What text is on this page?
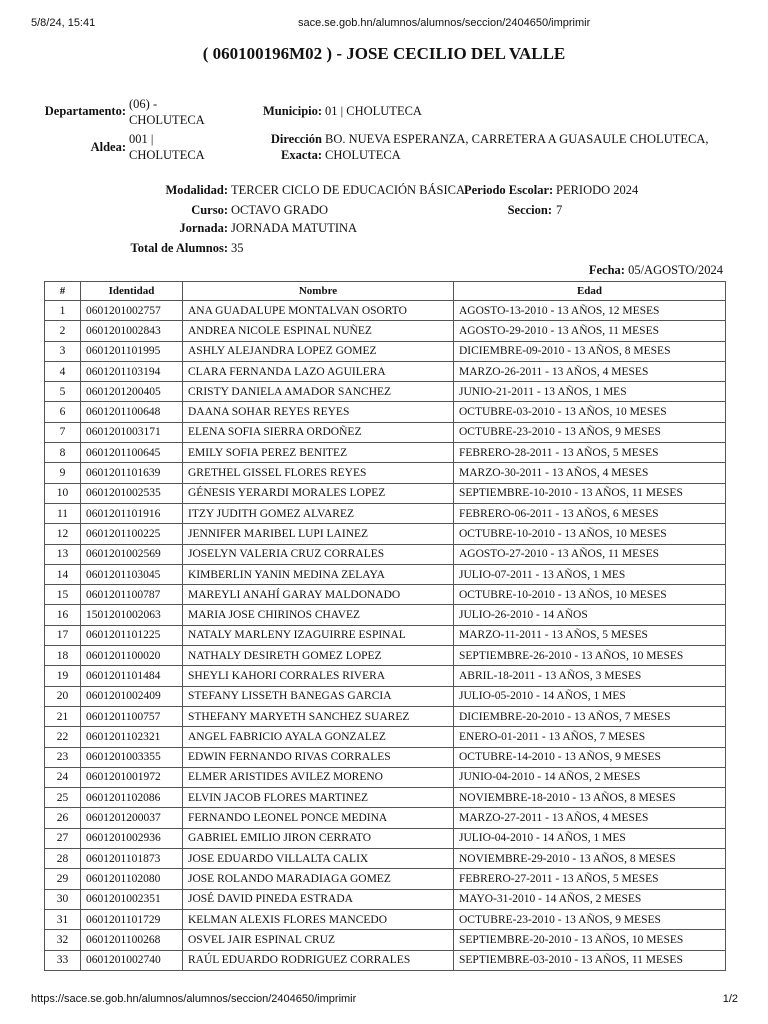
5/8/24, 15:41	sace.se.gob.hn/alumnos/alumnos/seccion/2404650/imprimir
( 060100196M02 ) - JOSE CECILIO DEL VALLE
Departamento: (06) - CHOLUTECA
Municipio: 01 | CHOLUTECA
Aldea:
001 | CHOLUTECA
Dirección
Exacta:
BO. NUEVA ESPERANZA, CARRETERA A GUASAULE CHOLUTECA,
CHOLUTECA
Modalidad: TERCER CICLO DE EDUCACIÓN BÁSICA
Periodo Escolar: PERIODO 2024
Curso: OCTAVO GRADO	Seccion: 7
Jornada: JORNADA MATUTINA
Total de Alumnos: 35
Fecha: 05/AGOSTO/2024
#	Identidad	Nombre	Edad
1	0601201002757	ANA GUADALUPE MONTALVAN OSORTO	AGOSTO-13-2010 - 13 AÑOS, 12 MESES
2	0601201002843	ANDREA NICOLE ESPINAL NUÑEZ	AGOSTO-29-2010 - 13 AÑOS, 11 MESES
3	0601201101995	ASHLY ALEJANDRA LOPEZ GOMEZ	DICIEMBRE-09-2010 - 13 AÑOS, 8 MESES
4	0601201103194	CLARA FERNANDA LAZO AGUILERA	MARZO-26-2011 - 13 AÑOS, 4 MESES
5	0601201200405	CRISTY DANIELA AMADOR SANCHEZ	JUNIO-21-2011 - 13 AÑOS, 1 MES
6	0601201100648	DAANA SOHAR REYES REYES	OCTUBRE-03-2010 - 13 AÑOS, 10 MESES
7	0601201003171	ELENA SOFIA SIERRA ORDOÑEZ	OCTUBRE-23-2010 - 13 AÑOS, 9 MESES
8	0601201100645	EMILY SOFIA PEREZ BENITEZ	FEBRERO-28-2011 - 13 AÑOS, 5 MESES
9	0601201101639	GRETHEL GISSEL FLORES REYES	MARZO-30-2011 - 13 AÑOS, 4 MESES
10	0601201002535	GÉNESIS YERARDI MORALES LOPEZ	SEPTIEMBRE-10-2010 - 13 AÑOS, 11 MESES
11	0601201101916	ITZY JUDITH GOMEZ ALVAREZ	FEBRERO-06-2011 - 13 AÑOS, 6 MESES
12	0601201100225	JENNIFER MARIBEL LUPI LAINEZ	OCTUBRE-10-2010 - 13 AÑOS, 10 MESES
13	0601201002569	JOSELYN VALERIA CRUZ CORRALES	AGOSTO-27-2010 - 13 AÑOS, 11 MESES
14	0601201103045	KIMBERLIN YANIN MEDINA ZELAYA	JULIO-07-2011 - 13 AÑOS, 1 MES
15	0601201100787	MAREYLI ANAHÍ GARAY MALDONADO	OCTUBRE-10-2010 - 13 AÑOS, 10 MESES
16	1501201002063	MARIA JOSE CHIRINOS CHAVEZ	JULIO-26-2010 - 14 AÑOS
17	0601201101225	NATALY MARLENY IZAGUIRRE ESPINAL	MARZO-11-2011 - 13 AÑOS, 5 MESES
18	0601201100020	NATHALY DESIRETH GOMEZ LOPEZ	SEPTIEMBRE-26-2010 - 13 AÑOS, 10 MESES
19	0601201101484	SHEYLI KAHORI CORRALES RIVERA	ABRIL-18-2011 - 13 AÑOS, 3 MESES
20	0601201002409	STEFANY LISSETH BANEGAS GARCIA	JULIO-05-2010 - 14 AÑOS, 1 MES
21	0601201100757	STHEFANY MARYETH SANCHEZ SUAREZ	DICIEMBRE-20-2010 - 13 AÑOS, 7 MESES
22	0601201102321	ANGEL FABRICIO AYALA GONZALEZ	ENERO-01-2011 - 13 AÑOS, 7 MESES
23	0601201003355	EDWIN FERNANDO RIVAS CORRALES	OCTUBRE-14-2010 - 13 AÑOS, 9 MESES
24	0601201001972	ELMER ARISTIDES AVILEZ MORENO	JUNIO-04-2010 - 14 AÑOS, 2 MESES
25	0601201102086	ELVIN JACOB FLORES MARTINEZ	NOVIEMBRE-18-2010 - 13 AÑOS, 8 MESES
26	0601201200037	FERNANDO LEONEL PONCE MEDINA	MARZO-27-2011 - 13 AÑOS, 4 MESES
27	0601201002936	GABRIEL EMILIO JIRON CERRATO	JULIO-04-2010 - 14 AÑOS, 1 MES
28	0601201101873	JOSE EDUARDO VILLALTA CALIX	NOVIEMBRE-29-2010 - 13 AÑOS, 8 MESES
29	0601201102080	JOSE ROLANDO MARADIAGA GOMEZ	FEBRERO-27-2011 - 13 AÑOS, 5 MESES
30	0601201002351	JOSÉ DAVID PINEDA ESTRADA	MAYO-31-2010 - 14 AÑOS, 2 MESES
31	0601201101729	KELMAN ALEXIS FLORES MANCEDO	OCTUBRE-23-2010 - 13 AÑOS, 9 MESES
32	0601201100268	OSVEL JAIR ESPINAL CRUZ	SEPTIEMBRE-20-2010 - 13 AÑOS, 10 MESES
33	0601201002740	RAÚL EDUARDO RODRIGUEZ CORRALES	SEPTIEMBRE-03-2010 - 13 AÑOS, 11 MESES
https://sace.se.gob.hn/alumnos/alumnos/seccion/2404650/imprimir	1/2
